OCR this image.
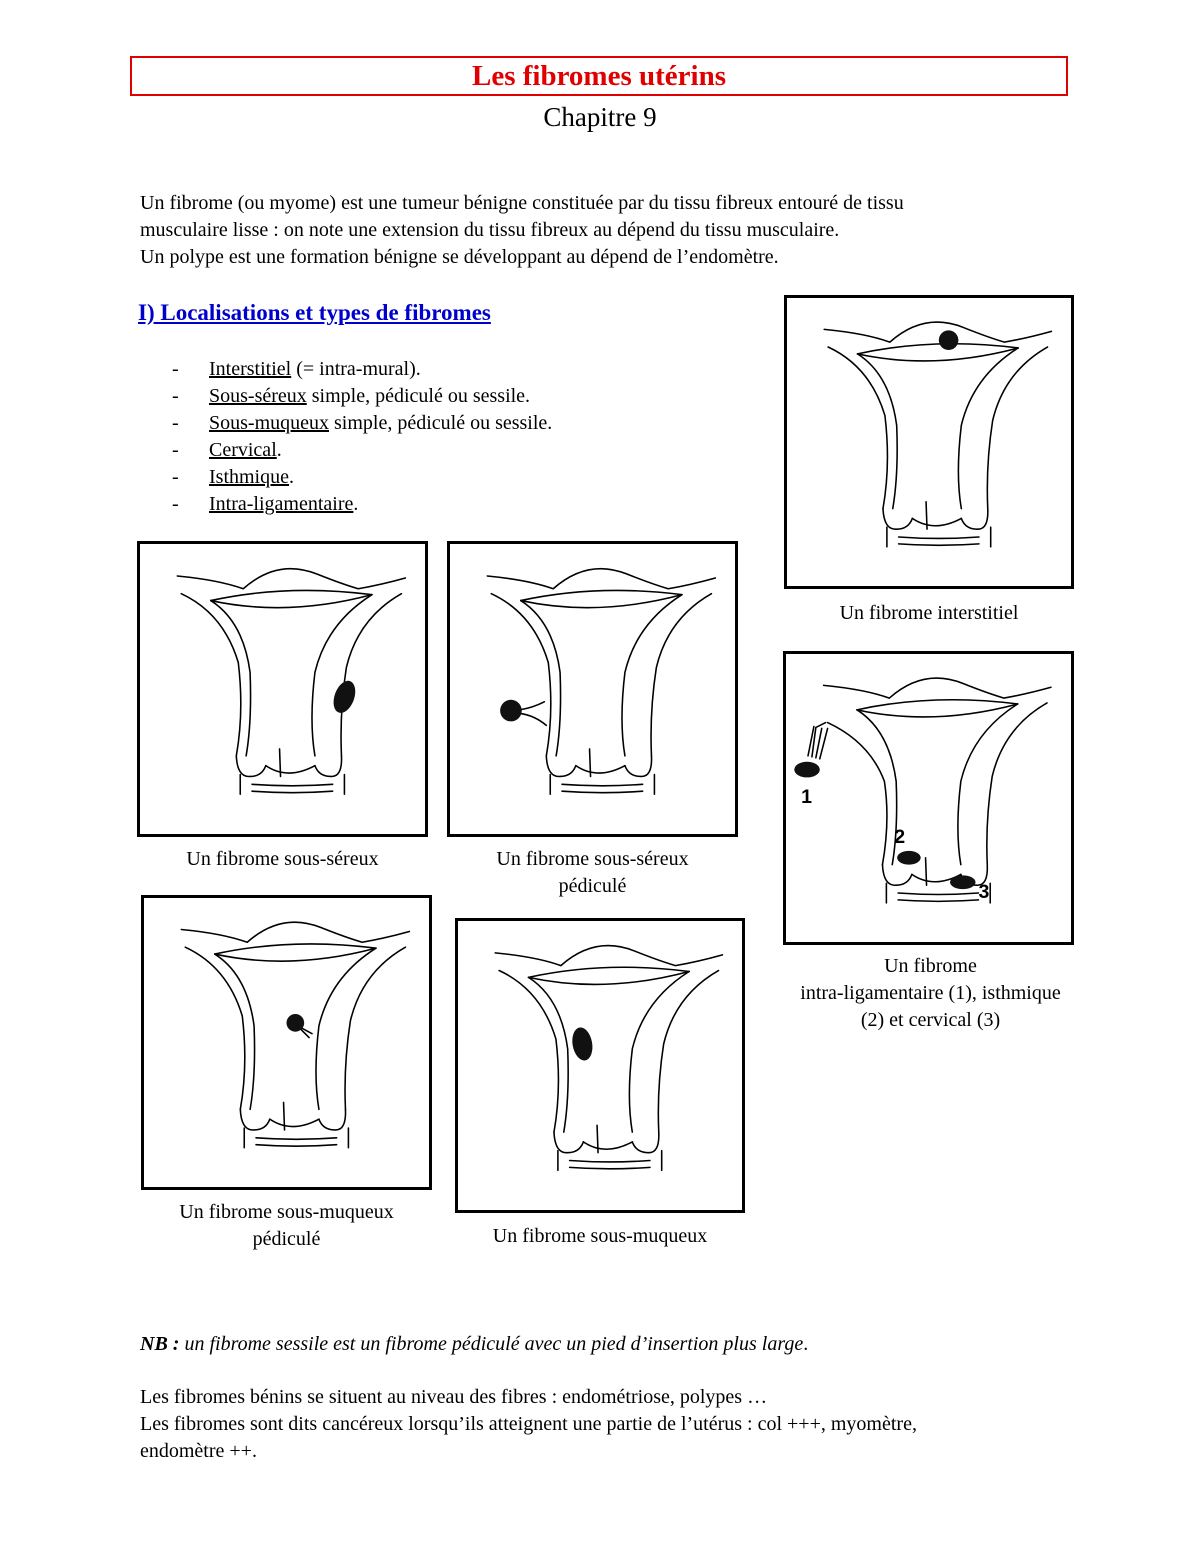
Les fibromes utérins
Chapitre 9
Un fibrome (ou myome) est une tumeur bénigne constituée par du tissu fibreux entouré de tissu
musculaire lisse : on note une extension du tissu fibreux au dépend du tissu musculaire.
Un polype est une formation bénigne se développant au dépend de l’endomètre.
I) Localisations et types de fibromes
- Interstitiel (= intra-mural).
- Sous-séreux simple, pédiculé ou sessile.
- Sous-muqueux simple, pédiculé ou sessile.
- Cervical.
- Isthmique.
- Intra-ligamentaire.
Un fibrome interstitiel
Un fibrome sous-séreux	Un fibrome sous-séreux
pédiculé
1
2
3
Un fibrome
intra-ligamentaire (1), isthmique
(2) et cervical (3)
Un fibrome sous-muqueux
pédiculé	Un fibrome sous-muqueux
NB : un fibrome sessile est un fibrome pédiculé avec un pied d’insertion plus large.
Les fibromes bénins se situent au niveau des fibres : endométriose, polypes …
Les fibromes sont dits cancéreux lorsqu’ils atteignent une partie de l’utérus : col +++, myomètre,
endomètre ++.
